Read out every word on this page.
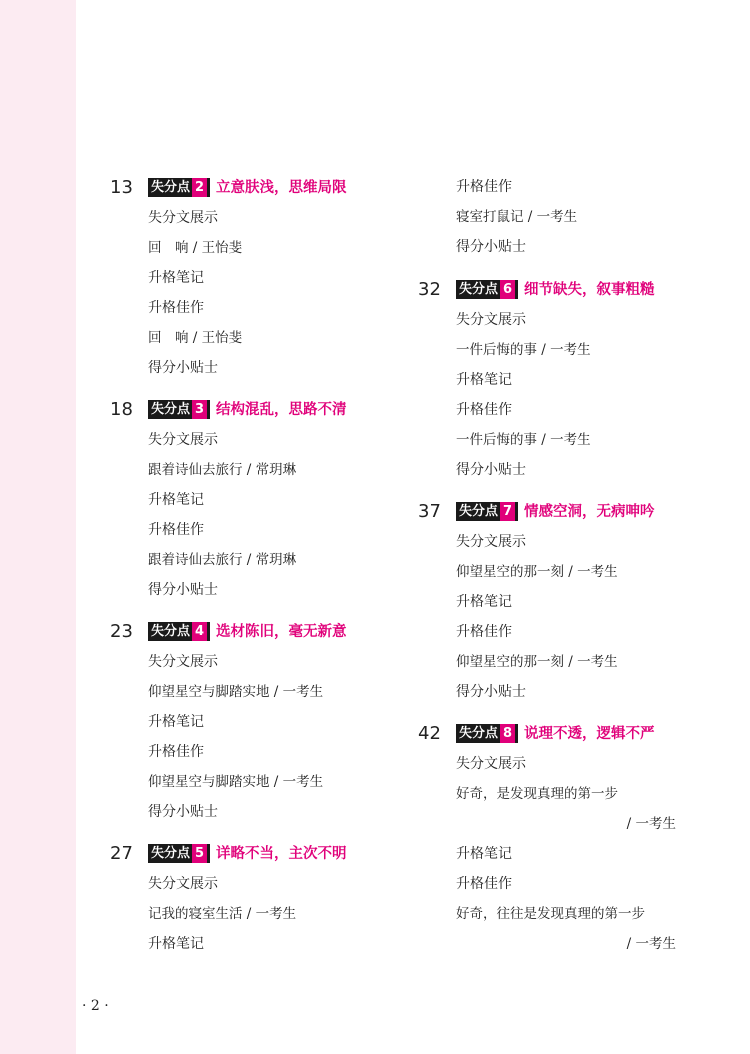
13	失分点 2 立意肤浅，思维局限
失分文展示
回　响 / 王怡斐
升格笔记
升格佳作
回　响 / 王怡斐
得分小贴士
18	失分点 3 结构混乱，思路不清
失分文展示
跟着诗仙去旅行 / 常玥琳
升格笔记
升格佳作
跟着诗仙去旅行 / 常玥琳
得分小贴士
23	失分点 4 选材陈旧，毫无新意
失分文展示
仰望星空与脚踏实地 / 一考生
升格笔记
升格佳作
仰望星空与脚踏实地 / 一考生
得分小贴士
27	失分点 5 详略不当，主次不明
失分文展示
记我的寝室生活 / 一考生
升格笔记
升格佳作
寝室打鼠记 / 一考生
得分小贴士
32	失分点 6 细节缺失，叙事粗糙
失分文展示
一件后悔的事 / 一考生
升格笔记
升格佳作
一件后悔的事 / 一考生
得分小贴士
37	失分点 7 情感空洞，无病呻吟
失分文展示
仰望星空的那一刻 / 一考生
升格笔记
升格佳作
仰望星空的那一刻 / 一考生
得分小贴士
42	失分点 8 说理不透，逻辑不严
失分文展示
好奇，是发现真理的第一步
/ 一考生
升格笔记
升格佳作
好奇，往往是发现真理的第一步
/ 一考生
· 2 ·
